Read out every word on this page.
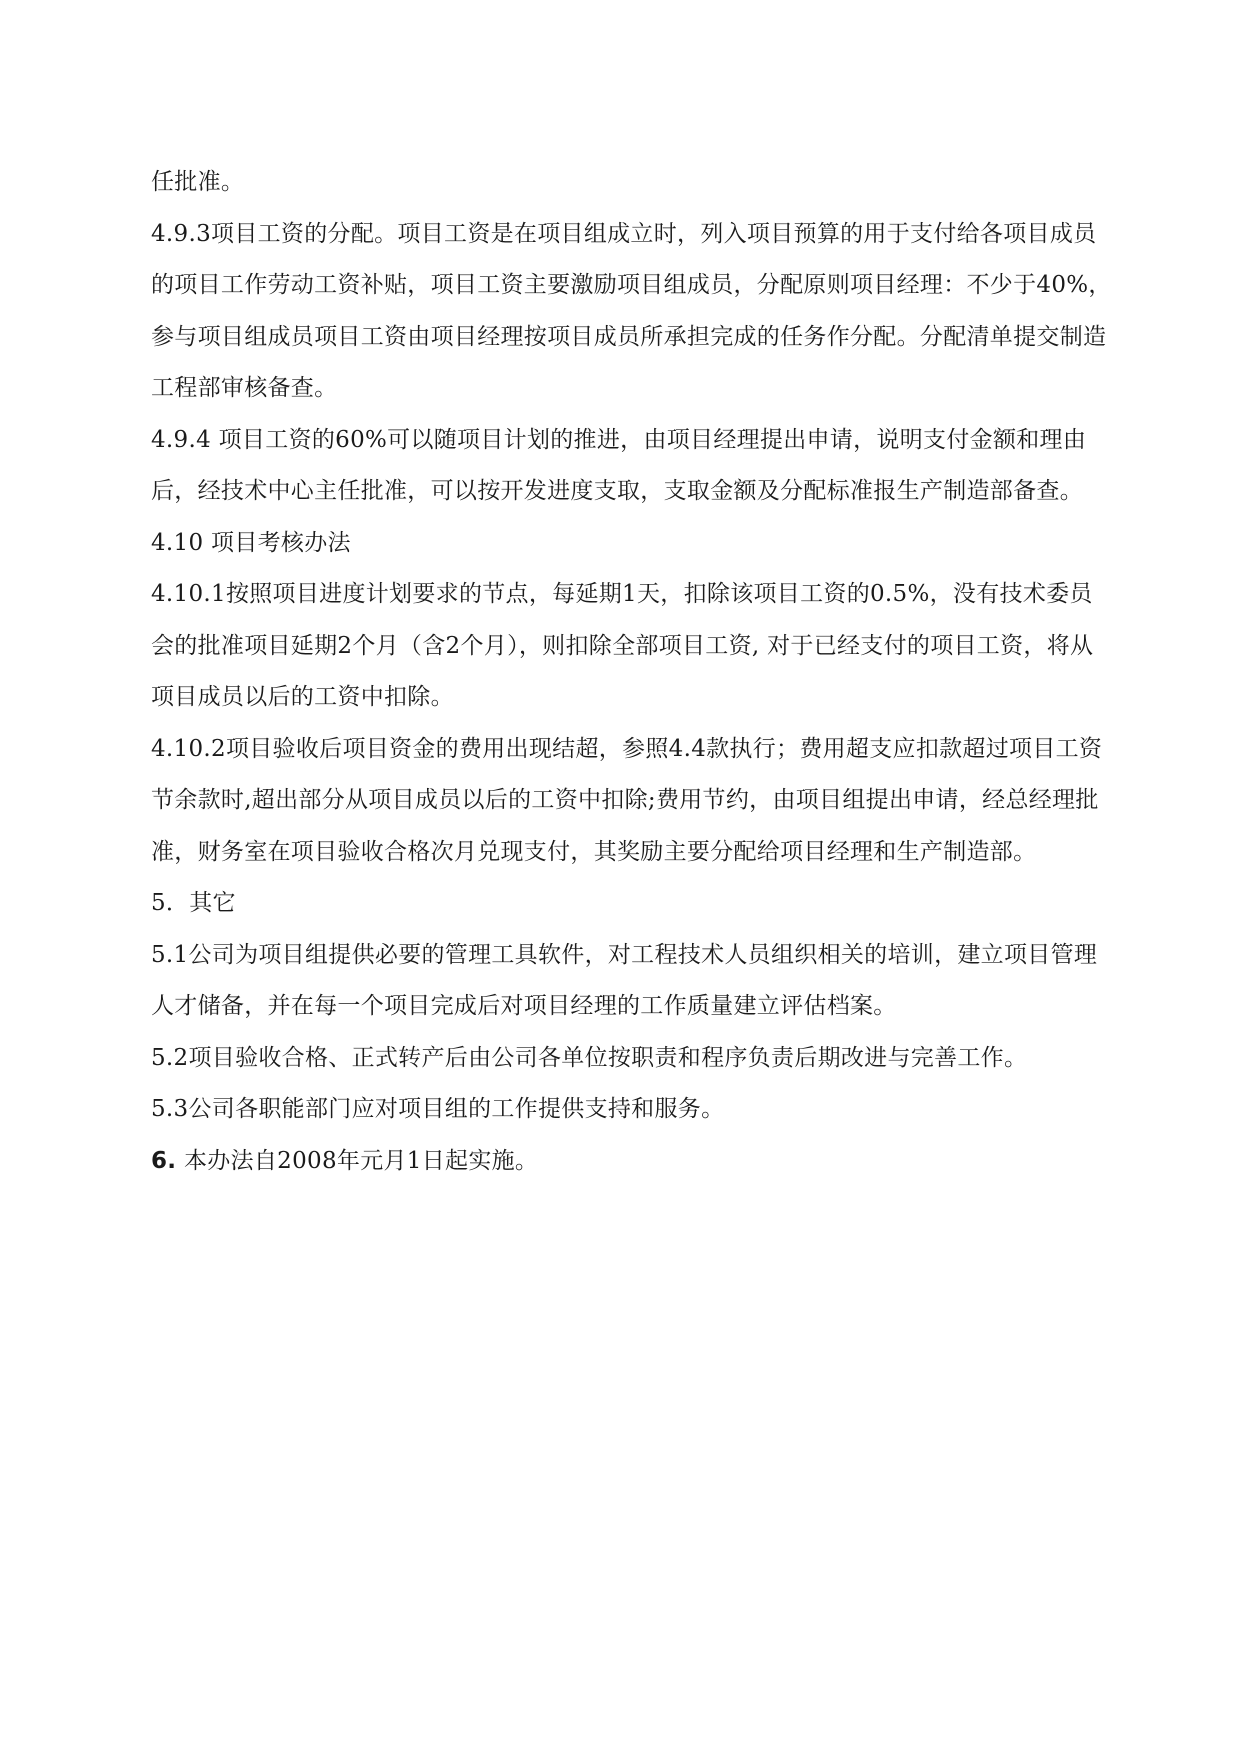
任批准。

4.9.3项目工资的分配。项目工资是在项目组成立时，列入项目预算的用于支付给各项目成员的项目工作劳动工资补贴，项目工资主要激励项目组成员，分配原则项目经理：不少于40%，参与项目组成员项目工资由项目经理按项目成员所承担完成的任务作分配。分配清单提交制造工程部审核备查。

4.9.4 项目工资的60%可以随项目计划的推进，由项目经理提出申请，说明支付金额和理由后，经技术中心主任批准，可以按开发进度支取，支取金额及分配标准报生产制造部备查。

4.10 项目考核办法

4.10.1按照项目进度计划要求的节点，每延期1天，扣除该项目工资的0.5%，没有技术委员会的批准项目延期2个月（含2个月），则扣除全部项目工资, 对于已经支付的项目工资，将从项目成员以后的工资中扣除。

4.10.2项目验收后项目资金的费用出现结超，参照4.4款执行；费用超支应扣款超过项目工资节余款时,超出部分从项目成员以后的工资中扣除;费用节约，由项目组提出申请，经总经理批准，财务室在项目验收合格次月兑现支付，其奖励主要分配给项目经理和生产制造部。

5．其它

5.1公司为项目组提供必要的管理工具软件，对工程技术人员组织相关的培训，建立项目管理人才储备，并在每一个项目完成后对项目经理的工作质量建立评估档案。

5.2项目验收合格、正式转产后由公司各单位按职责和程序负责后期改进与完善工作。

5.3公司各职能部门应对项目组的工作提供支持和服务。

6. 本办法自2008年元月1日起实施。
